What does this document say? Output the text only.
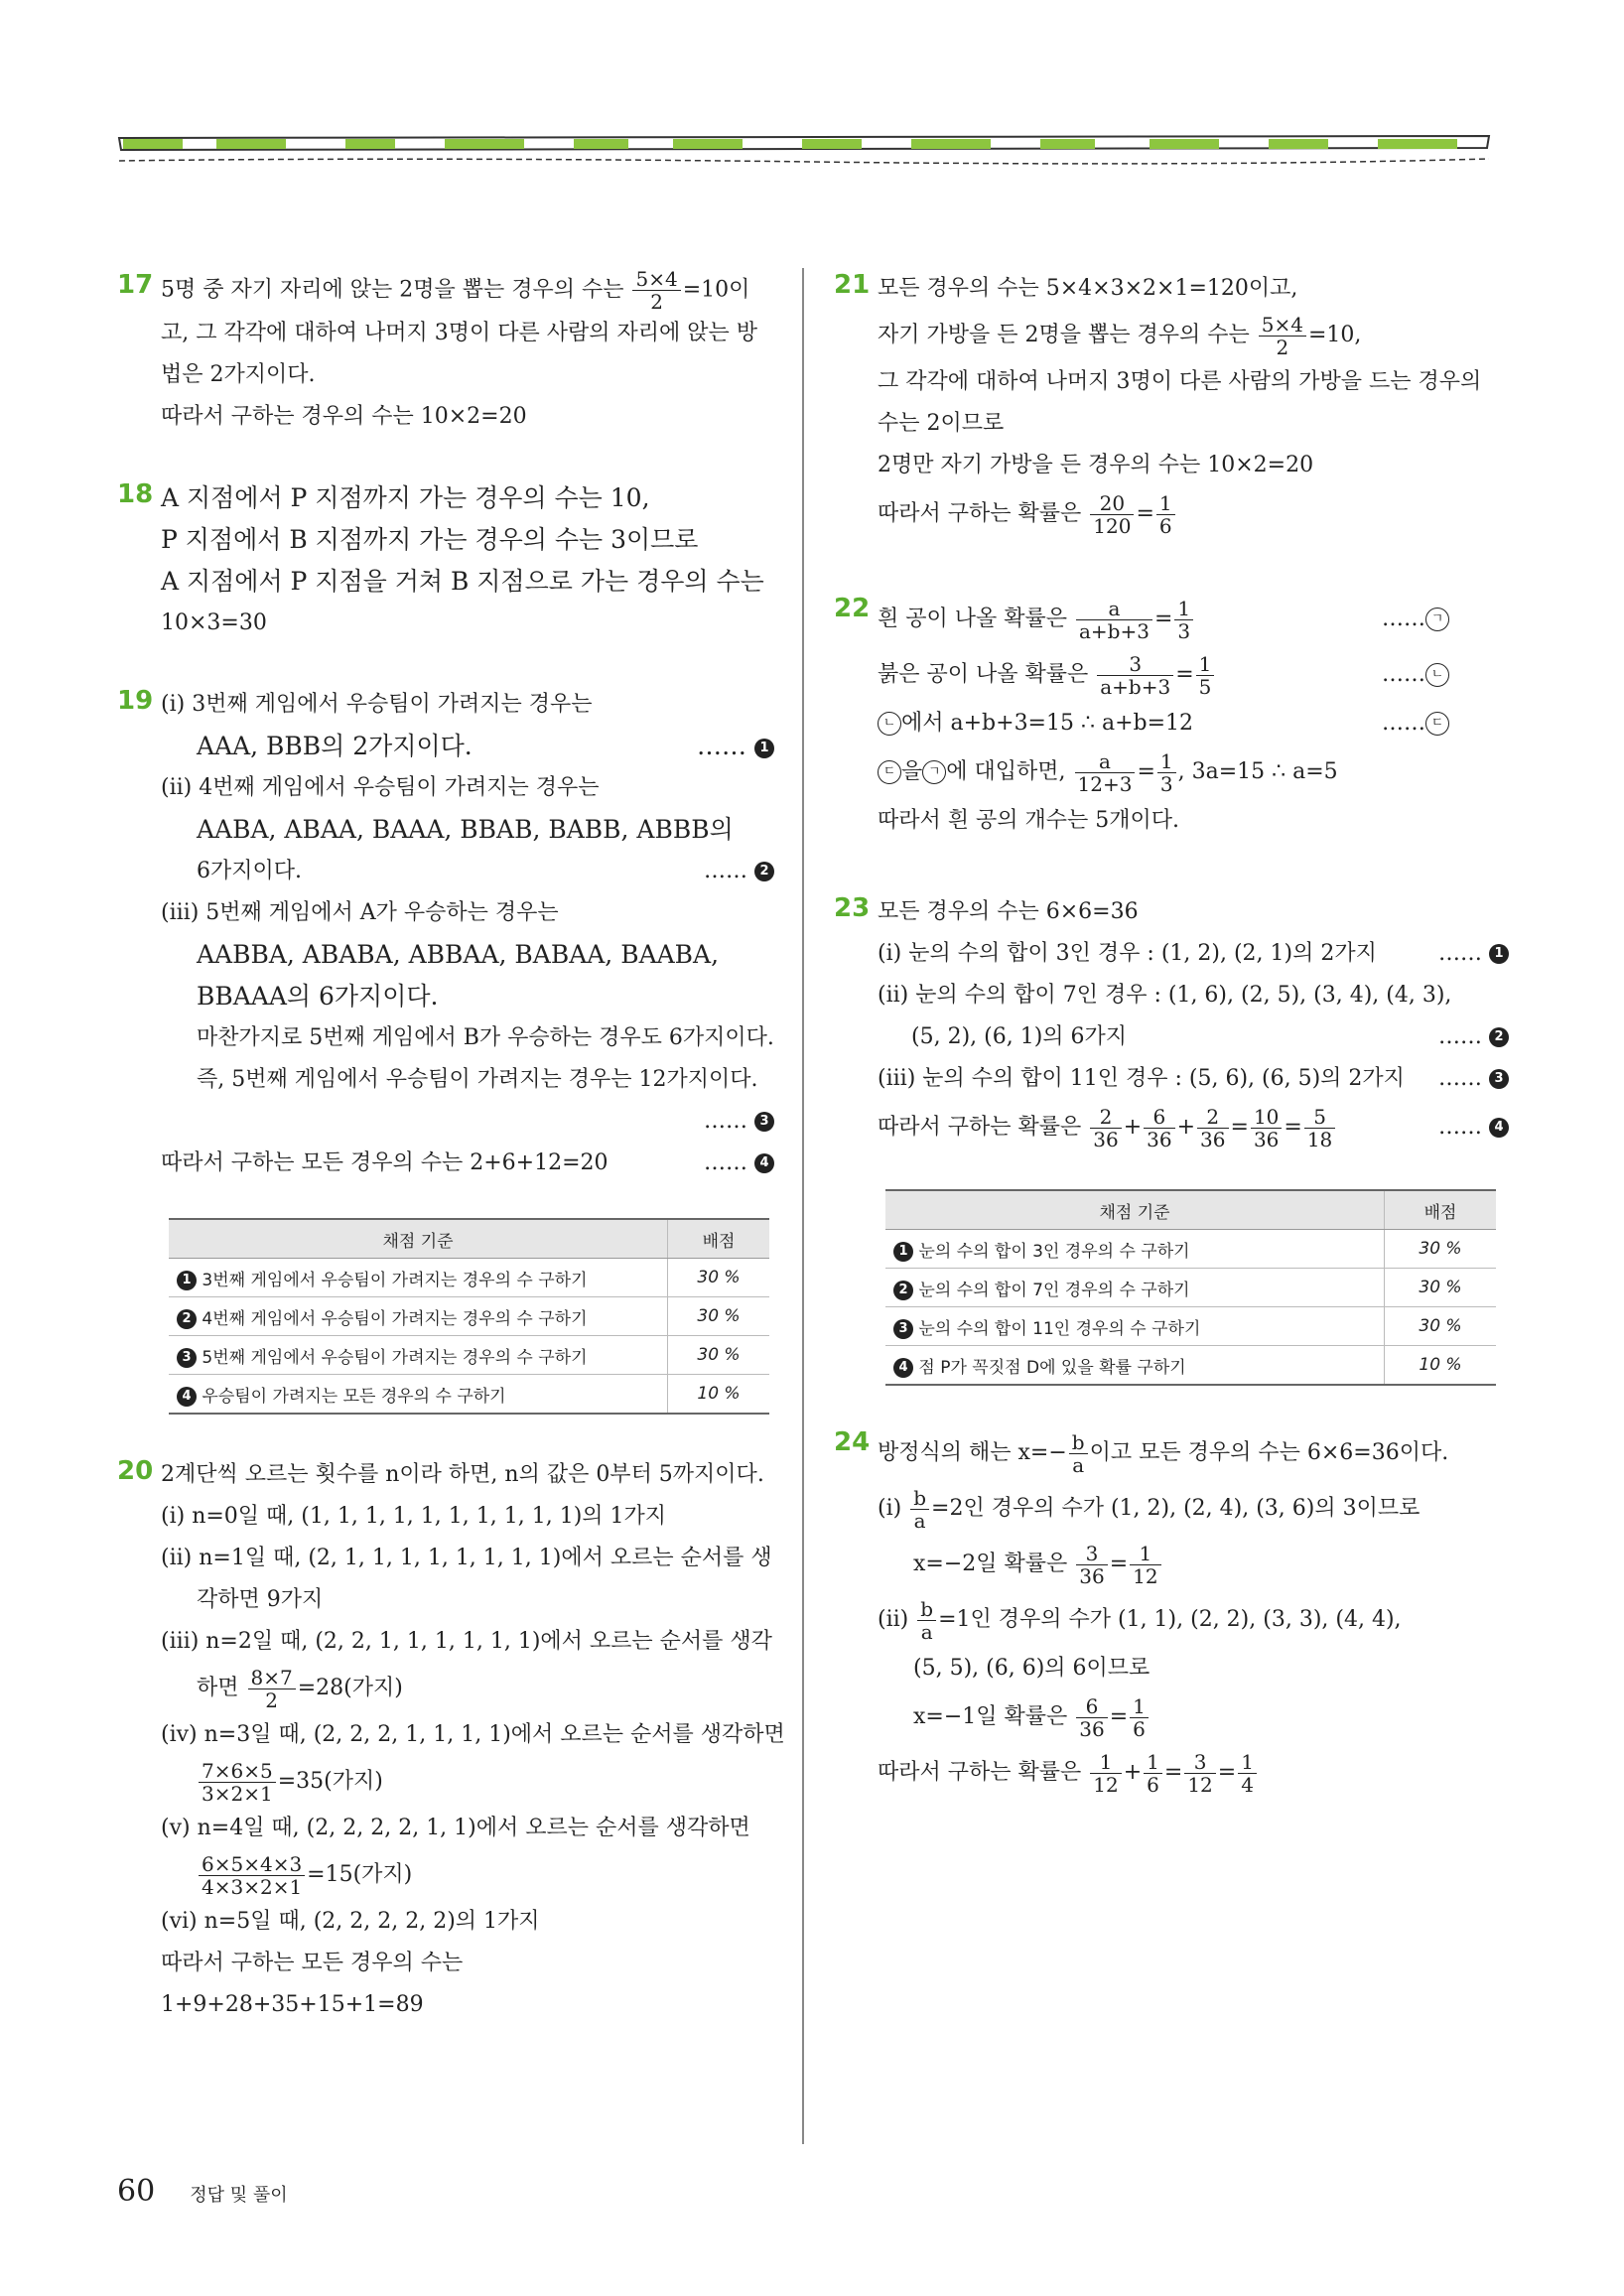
17 5명 중 자기 자리에 앉는 2명을 뽑는 경우의 수는 $\frac{5\times 4}{2} =10$이
고, 그 각각에 대하여 나머지 3명이 다른 사람의 자리에 앉는 방
법은 2가지이다.
따라서 구하는 경우의 수는 10×2=20
18 A 지점에서 P 지점까지 가는 경우의 수는 10,
P 지점에서 B 지점까지 가는 경우의 수는 3이므로
A 지점에서 P 지점을 거쳐 B 지점으로 가는 경우의 수는
10×3=30
19 (ⅰ) 3번째 게임에서 우승팀이 가려지는 경우는
AAA, BBB의 2가지이다.	…… 1
(ⅱ) 4번째 게임에서 우승팀이 가려지는 경우는
AABA, ABAA, BAAA, BBAB, BABB, ABBB의
6가지이다.	…… 2
(ⅲ) 5번째 게임에서 A가 우승하는 경우는
AABBA, ABABA, ABBAA, BABAA, BAABA,
BBAAA의 6가지이다.
마찬가지로 5번째 게임에서 B가 우승하는 경우도 6가지이다.
즉, 5번째 게임에서 우승팀이 가려지는 경우는 12가지이다.
…… 3

따라서 구하는 모든 경우의 수는 2+6+12=20	…… 4
채점 기준	배점
1 3번째 게임에서 우승팀이 가려지는 경우의 수 구하기	30 %
2 4번째 게임에서 우승팀이 가려지는 경우의 수 구하기	30 %
3 5번째 게임에서 우승팀이 가려지는 경우의 수 구하기	30 %
4 우승팀이 가려지는 모든 경우의 수 구하기	10 %
20 2계단씩 오르는 횟수를 n이라 하면, n의 값은 0부터 5까지이다.
(ⅰ) n=0일 때, (1, 1, 1, 1, 1, 1, 1, 1, 1, 1)의 1가지
(ⅱ) n=1일 때, (2, 1, 1, 1, 1, 1, 1, 1, 1)에서 오르는 순서를 생
각하면 9가지
(ⅲ) n=2일 때, (2, 2, 1, 1, 1, 1, 1, 1)에서 오르는 순서를 생각
하면 $\frac{8\times 7}{2} =28$(가지)
(ⅳ) n=3일 때, (2, 2, 2, 1, 1, 1, 1)에서 오르는 순서를 생각하면
$\frac{7\times 6\times 5}{3\times 2\times 1} =35$(가지)
(ⅴ) n=4일 때, (2, 2, 2, 2, 1, 1)에서 오르는 순서를 생각하면
$\frac{6\times 5\times 4\times 3}{4\times 3\times 2\times 1} =15$(가지)
(ⅵ) n=5일 때, (2, 2, 2, 2, 2)의 1가지
따라서 구하는 모든 경우의 수는
1+9+28+35+15+1=89
21 모든 경우의 수는 5×4×3×2×1=120이고,
자기 가방을 든 2명을 뽑는 경우의 수는 $\frac{5\times 4}{2} =10$,
그 각각에 대하여 나머지 3명이 다른 사람의 가방을 드는 경우의
수는 2이므로
2명만 자기 가방을 든 경우의 수는 10×2=20
따라서 구하는 확률은 $\frac{20}{120} = \frac{1}{6}$
22 흰 공이 나올 확률은 $\frac{a}{a+b+3} = \frac{1}{3}$	…… ㄱ
붉은 공이 나올 확률은 $\frac{3}{a+b+3} = \frac{1}{5}$	…… ㄴ
ㄴ 에서 a+b+3=15 ∴ a+b=12	…… ㄷ
ㄷ 을 ㄱ 에 대입하면, $\frac{a}{12+3} = \frac{1}{3}$ , 3a=15 ∴ a=5
따라서 흰 공의 개수는 5개이다.
23 모든 경우의 수는 6×6=36
(ⅰ) 눈의 수의 합이 3인 경우 : (1, 2), (2, 1)의 2가지	…… 1
(ⅱ) 눈의 수의 합이 7인 경우 : (1, 6), (2, 5), (3, 4), (4, 3),
(5, 2), (6, 1)의 6가지	…… 2
(ⅲ) 눈의 수의 합이 11인 경우 : (5, 6), (6, 5)의 2가지 …… 3
따라서 구하는 확률은 $\frac{2}{36} + \frac{6}{36} + \frac{2}{36} = \frac{10}{36} = \frac{5}{18}$	…… 4
채점 기준	배점
1 눈의 수의 합이 3인 경우의 수 구하기	30 %
2 눈의 수의 합이 7인 경우의 수 구하기	30 %
3 눈의 수의 합이 11인 경우의 수 구하기	30 %
4 점 P가 꼭짓점 D에 있을 확률 구하기	10 %
24 방정식의 해는 $x=- \frac{b}{a}$ 이고 모든 경우의 수는 6×6=36이다.
(ⅰ) $\frac{b}{a} =2$인 경우의 수가 (1, 2), (2, 4), (3, 6)의 3이므로
x=−2일 확률은 $\frac{3}{36} = \frac{1}{12}$
(ⅱ) $\frac{b}{a} =1$인 경우의 수가 (1, 1), (2, 2), (3, 3), (4, 4),
(5, 5), (6, 6)의 6이므로
x=−1일 확률은 $\frac{6}{36} = \frac{1}{6}$
따라서 구하는 확률은 $\frac{1}{12} + \frac{1}{6} = \frac{3}{12} = \frac{1}{4}$
60 정답 및 풀이
